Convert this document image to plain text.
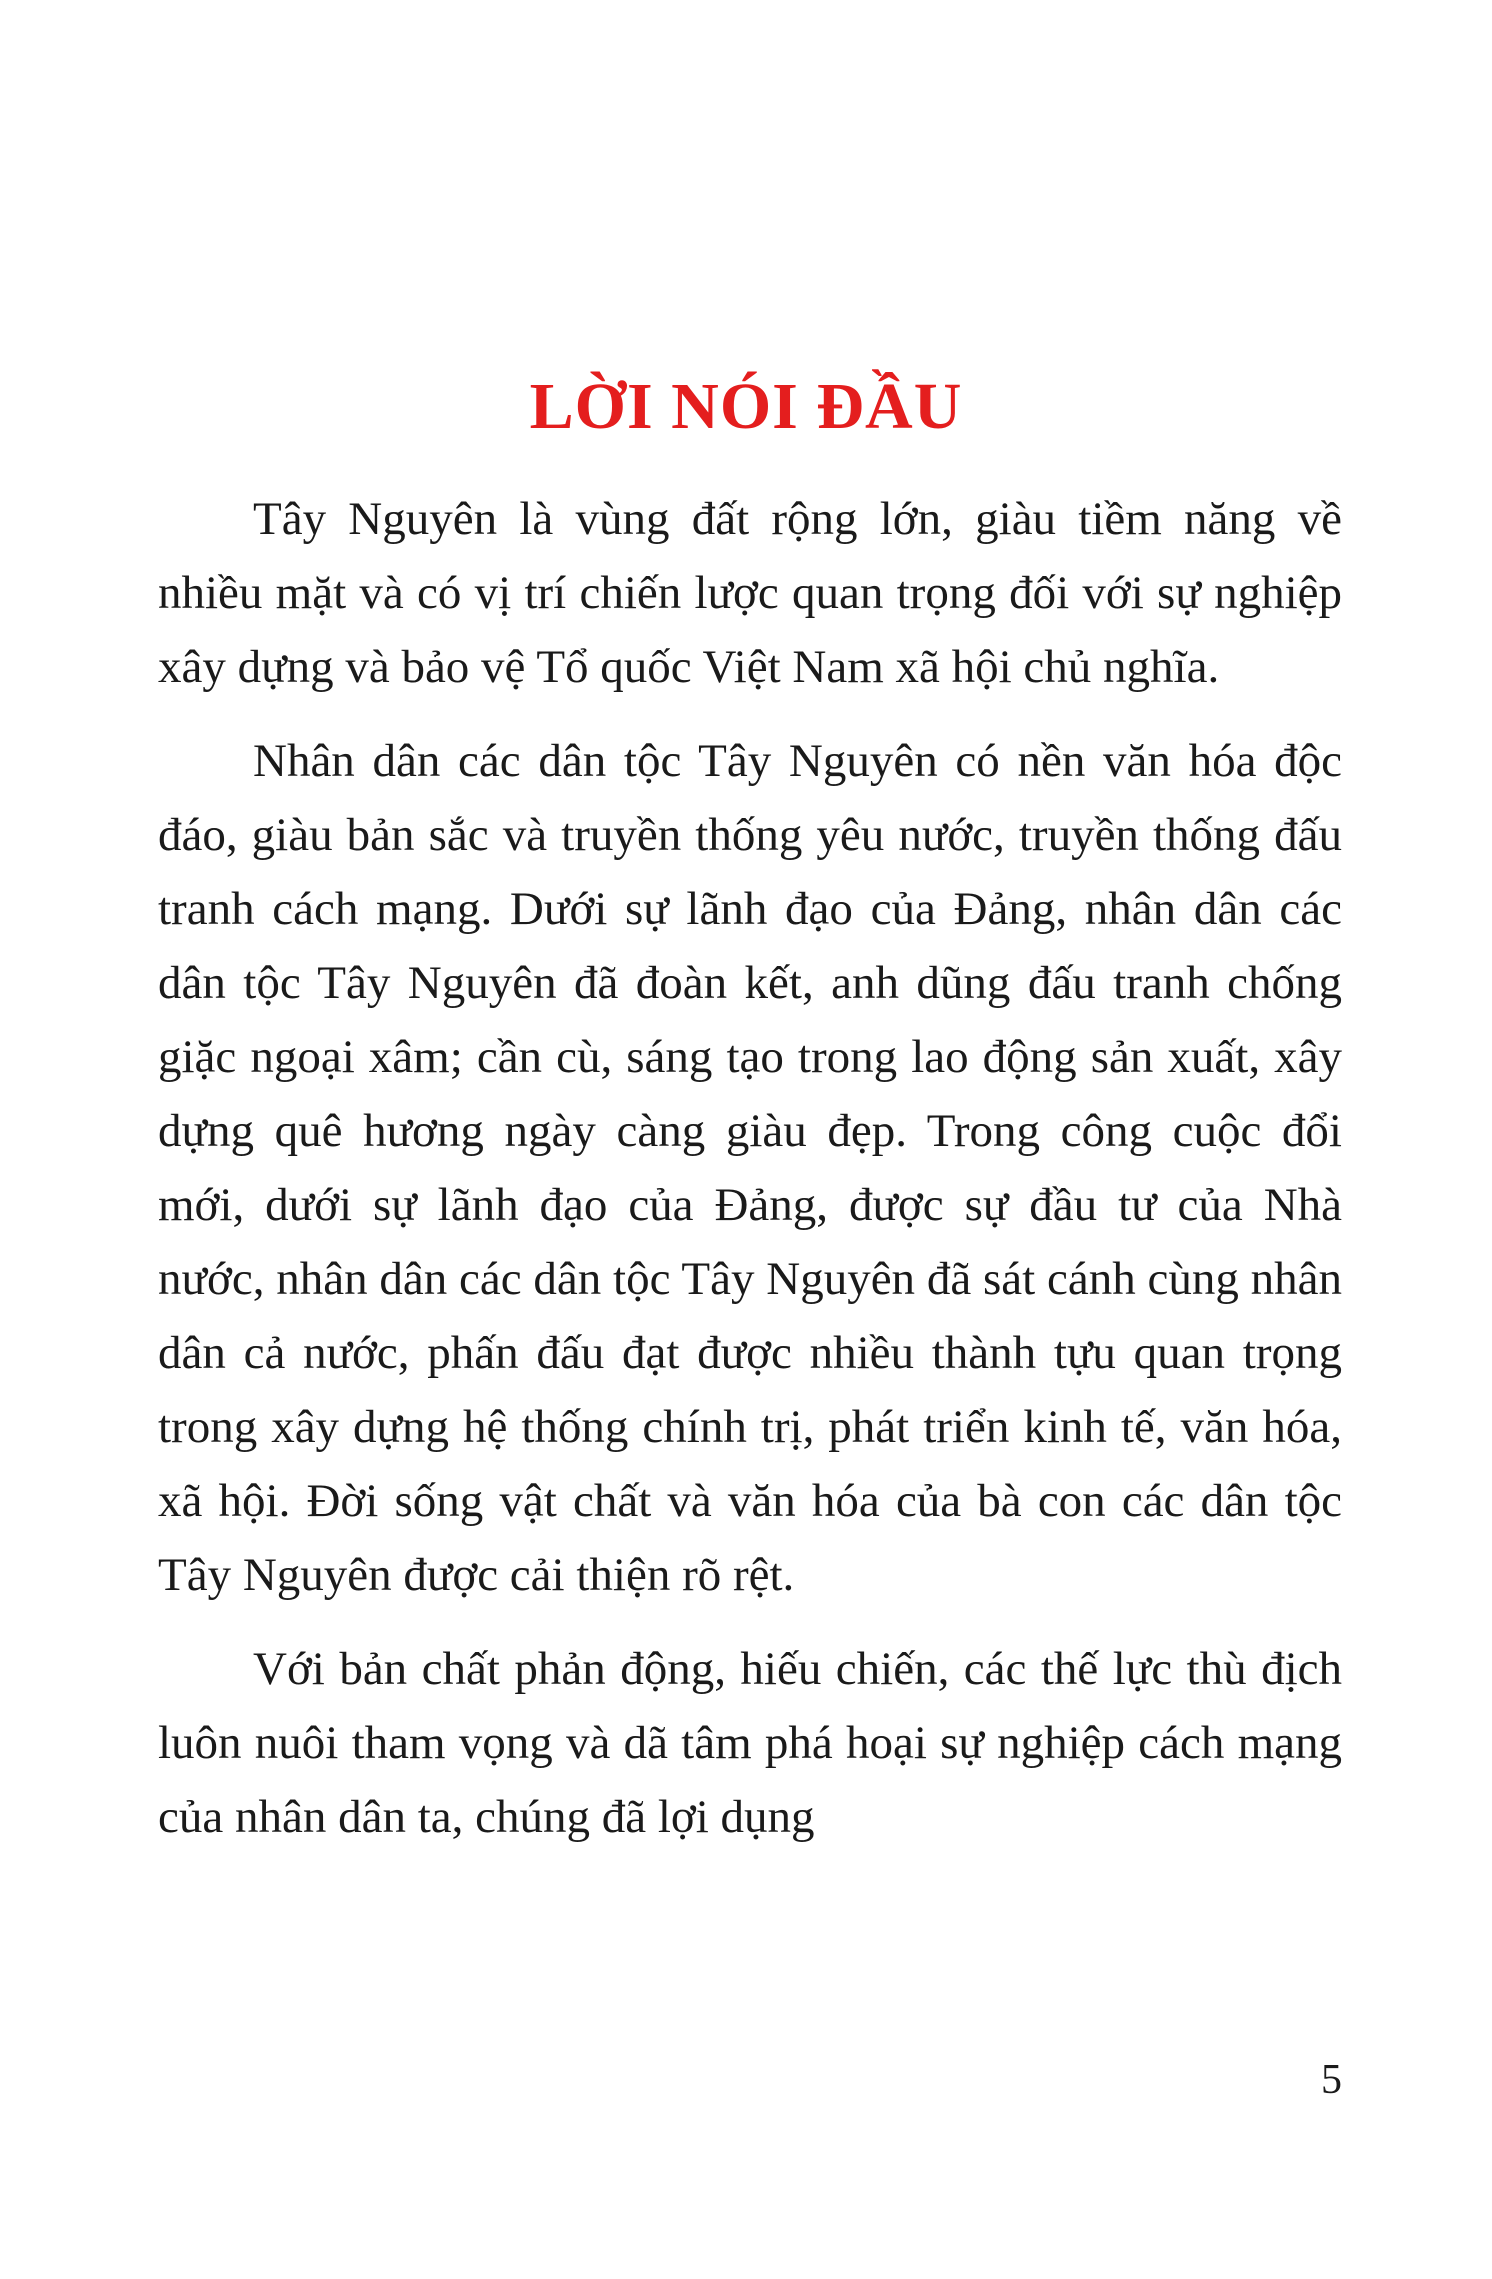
LỜI NÓI ĐẦU

Tây Nguyên là vùng đất rộng lớn, giàu tiềm năng về nhiều mặt và có vị trí chiến lược quan trọng đối với sự nghiệp xây dựng và bảo vệ Tổ quốc Việt Nam xã hội chủ nghĩa.

Nhân dân các dân tộc Tây Nguyên có nền văn hóa độc đáo, giàu bản sắc và truyền thống yêu nước, truyền thống đấu tranh cách mạng. Dưới sự lãnh đạo của Đảng, nhân dân các dân tộc Tây Nguyên đã đoàn kết, anh dũng đấu tranh chống giặc ngoại xâm; cần cù, sáng tạo trong lao động sản xuất, xây dựng quê hương ngày càng giàu đẹp. Trong công cuộc đổi mới, dưới sự lãnh đạo của Đảng, được sự đầu tư của Nhà nước, nhân dân các dân tộc Tây Nguyên đã sát cánh cùng nhân dân cả nước, phấn đấu đạt được nhiều thành tựu quan trọng trong xây dựng hệ thống chính trị, phát triển kinh tế, văn hóa, xã hội. Đời sống vật chất và văn hóa của bà con các dân tộc Tây Nguyên được cải thiện rõ rệt.

Với bản chất phản động, hiếu chiến, các thế lực thù địch luôn nuôi tham vọng và dã tâm phá hoại sự nghiệp cách mạng của nhân dân ta, chúng đã lợi dụng

5
